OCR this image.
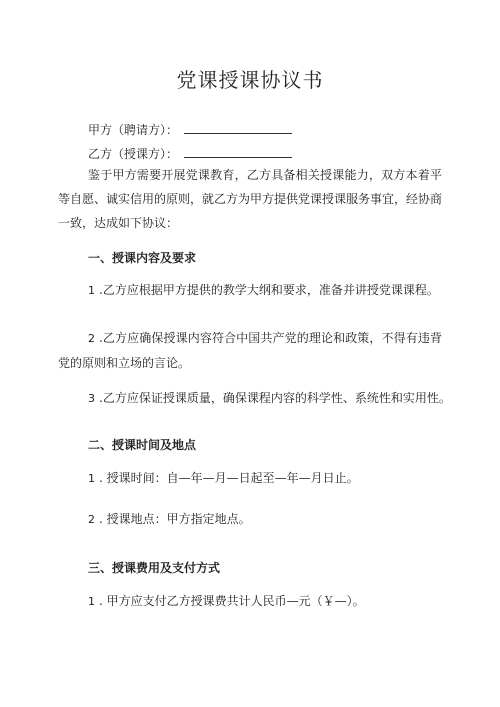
党课授课协议书
甲方（聘请方）：
乙方（授课方）：
鉴于甲方需要开展党课教育，乙方具备相关授课能力，双方本着平等自愿、诚实信用的原则，就乙方为甲方提供党课授课服务事宜，经协商一致，达成如下协议：
一、授课内容及要求
1 .乙方应根据甲方提供的教学大纲和要求，准备并讲授党课课程。
2 .乙方应确保授课内容符合中国共产党的理论和政策，不得有违背党的原则和立场的言论。
3 .乙方应保证授课质量，确保课程内容的科学性、系统性和实用性。
二、授课时间及地点
1 . 授课时间：自—年—月—日起至—年—月日止。
2 . 授课地点：甲方指定地点。
三、授课费用及支付方式
1 . 甲方应支付乙方授课费共计人民币—元（￥—）。
